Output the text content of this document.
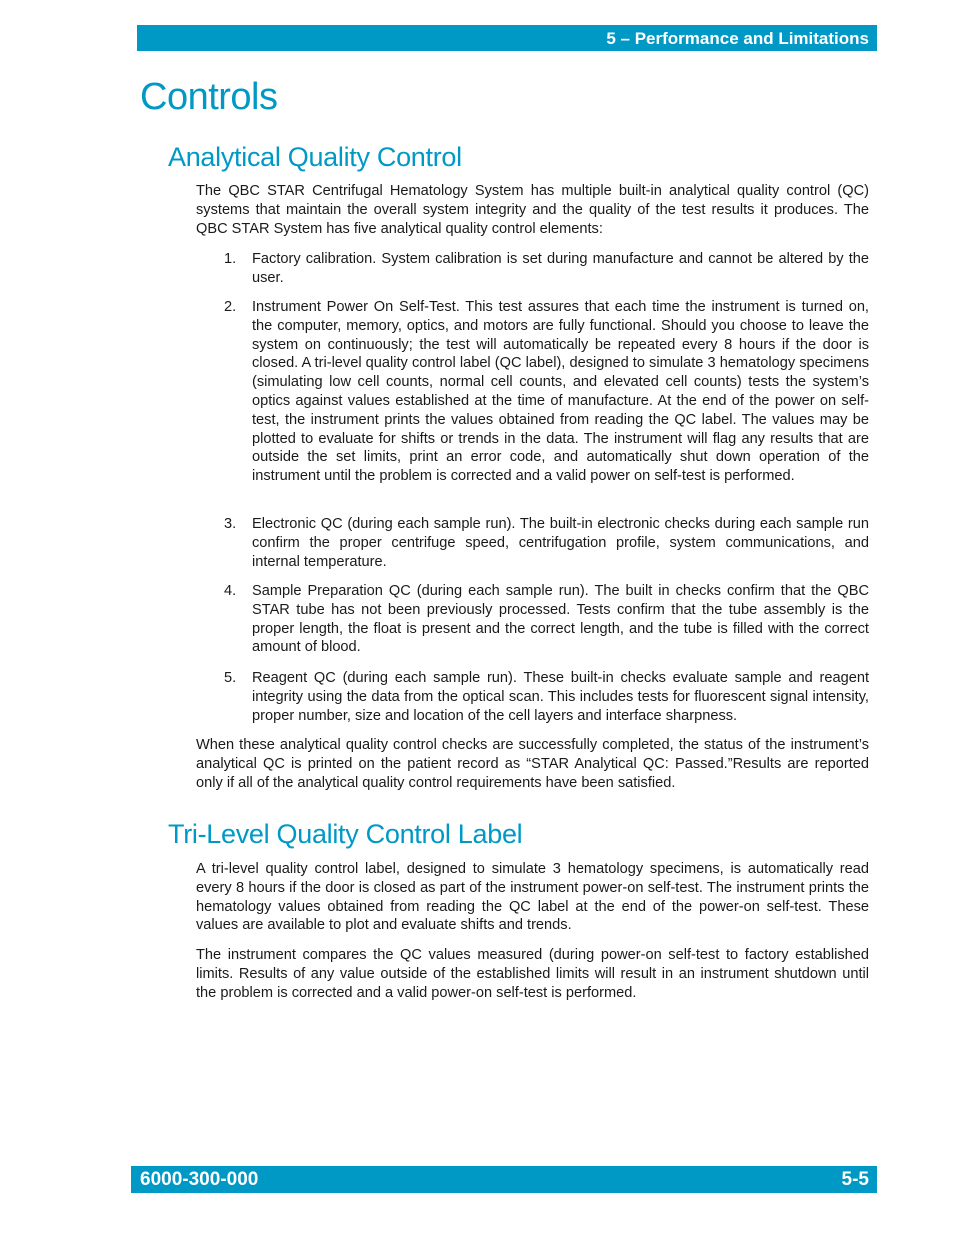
5 – Performance and Limitations
Controls
Analytical Quality Control

The QBC STAR Centrifugal Hematology System has multiple built-in analytical quality control (QC) systems that maintain the overall system integrity and the quality of the test results it produces. The QBC STAR System has five analytical quality control elements:

1.	Factory calibration. System calibration is set during manufacture and cannot be altered by the user.
2.	Instrument Power On Self-Test. This test assures that each time the instrument is turned on, the computer, memory, optics, and motors are fully functional. Should you choose to leave the system on continuously; the test will automatically be repeated every 8 hours if the door is closed. A tri-level quality control label (QC label), designed to simulate 3 hematology specimens (simulating low cell counts, normal cell counts, and elevated cell counts) tests the system’s optics against values established at the time of manufacture. At the end of the power on self-test, the instrument prints the values obtained from reading the QC label. The values may be plotted to evaluate for shifts or trends in the data. The instrument will flag any results that are outside the set limits, print an error code, and automatically shut down operation of the instrument until the problem is corrected and a valid power on self-test is performed.
3.	Electronic QC (during each sample run). The built-in electronic checks during each sample run confirm the proper centrifuge speed, centrifugation profile, system communications, and internal temperature.
4.	Sample Preparation QC (during each sample run). The built in checks confirm that the QBC STAR tube has not been previously processed. Tests confirm that the tube assembly is the proper length, the float is present and the correct length, and the tube is filled with the correct amount of blood.
5.	Reagent QC (during each sample run). These built-in checks evaluate sample and reagent integrity using the data from the optical scan. This includes tests for fluorescent signal intensity, proper number, size and location of the cell layers and interface sharpness.

When these analytical quality control checks are successfully completed, the status of the instrument’s analytical QC is printed on the patient record as “STAR Analytical QC: Passed.”Results are reported only if all of the analytical quality control requirements have been satisfied.

Tri-Level Quality Control Label

A tri-level quality control label, designed to simulate 3 hematology specimens, is automatically read every 8 hours if the door is closed as part of the instrument power-on self-test. The instrument prints the hematology values obtained from reading the QC label at the end of the power-on self-test. These values are available to plot and evaluate shifts and trends.

The instrument compares the QC values measured (during power-on self-test to factory established limits. Results of any value outside of the established limits will result in an instrument shutdown until the problem is corrected and a valid power-on self-test is performed.

6000-300-000	5-5
